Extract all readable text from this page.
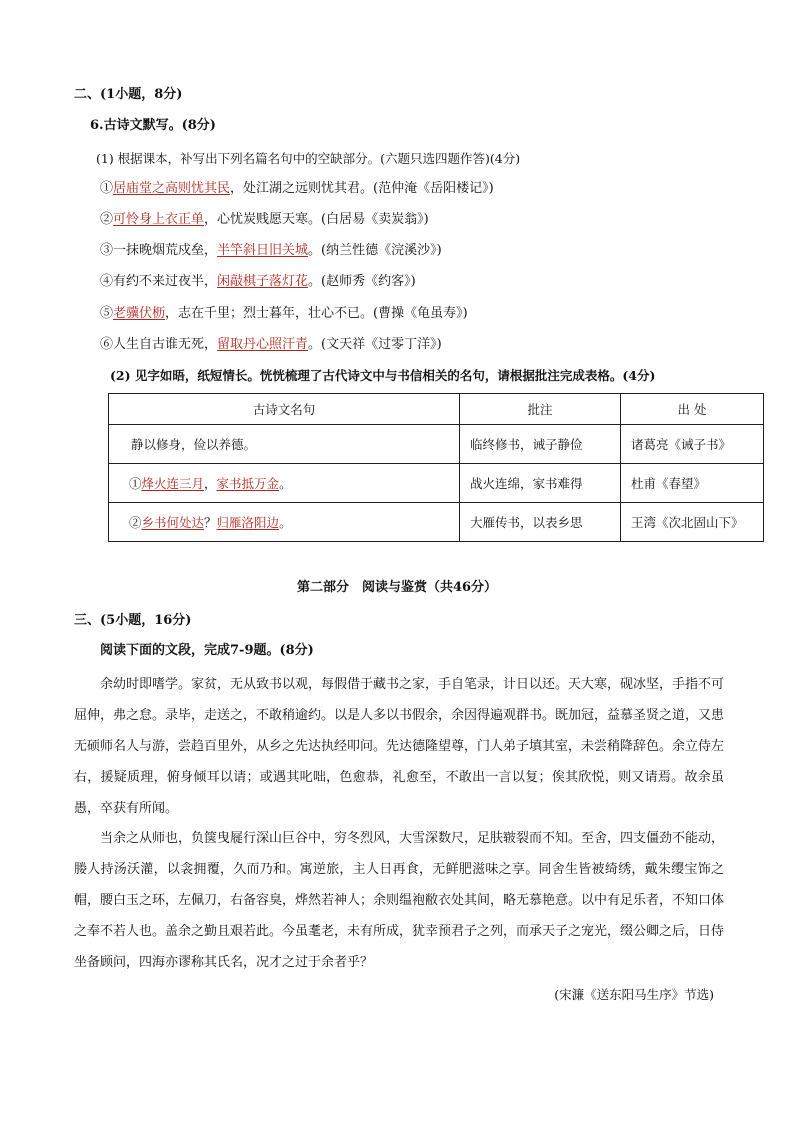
二、(1小题，8分)
6.古诗文默写。(8分)
(1) 根据课本，补写出下列名篇名句中的空缺部分。(六题只选四题作答)(4分)
①居庙堂之高则忧其民，处江湖之远则忧其君。(范仲淹《岳阳楼记》)
②可怜身上衣正单，心忧炭贱愿天寒。(白居易《卖炭翁》)
③一抹晚烟荒戍垒，半竿斜日旧关城。(纳兰性德《浣溪沙》)
④有约不来过夜半，闲敲棋子落灯花。(赵师秀《约客》)
⑤老骥伏枥，志在千里；烈士暮年，壮心不已。(曹操《龟虽寿》)
⑥人生自古谁无死，留取丹心照汗青。(文天祥《过零丁洋》)
(2) 见字如晤，纸短情长。恍恍梳理了古代诗文中与书信相关的名句，请根据批注完成表格。(4分)
古诗文名句	批注	出 处
静以修身，俭以养德。	临终修书，诫子静俭	诸葛亮《诫子书》
①烽火连三月，家书抵万金。	战火连绵，家书难得	杜甫《春望》
②乡书何处达？归雁洛阳边。	大雁传书，以表乡思	王湾《次北固山下》
第二部分　阅读与鉴赏（共46分）
三、(5小题，16分)
阅读下面的文段，完成7-9题。(8分)

余幼时即嗜学。家贫，无从致书以观，每假借于藏书之家，手自笔录，计日以还。天大寒，砚冰坚，手指不可屈伸，弗之怠。录毕，走送之，不敢稍逾约。以是人多以书假余，余因得遍观群书。既加冠，益慕圣贤之道，又患无硕师名人与游，尝趋百里外，从乡之先达执经叩问。先达德隆望尊，门人弟子填其室，未尝稍降辞色。余立侍左右，援疑质理，俯身倾耳以请；或遇其叱咄，色愈恭，礼愈至，不敢出一言以复；俟其欣悦，则又请焉。故余虽愚，卒获有所闻。

当余之从师也，负箧曳屣行深山巨谷中，穷冬烈风，大雪深数尺，足肤皲裂而不知。至舍，四支僵劲不能动，媵人持汤沃灌，以衾拥覆，久而乃和。寓逆旅，主人日再食，无鲜肥滋味之享。同舍生皆被绮绣，戴朱缨宝饰之帽，腰白玉之环，左佩刀，右备容臭，烨然若神人；余则缊袍敝衣处其间，略无慕艳意。以中有足乐者，不知口体之奉不若人也。盖余之勤且艰若此。今虽耄老，未有所成，犹幸预君子之列，而承天子之宠光，缀公卿之后，日侍坐备顾问，四海亦谬称其氏名，况才之过于余者乎？

(宋濂《送东阳马生序》节选)
